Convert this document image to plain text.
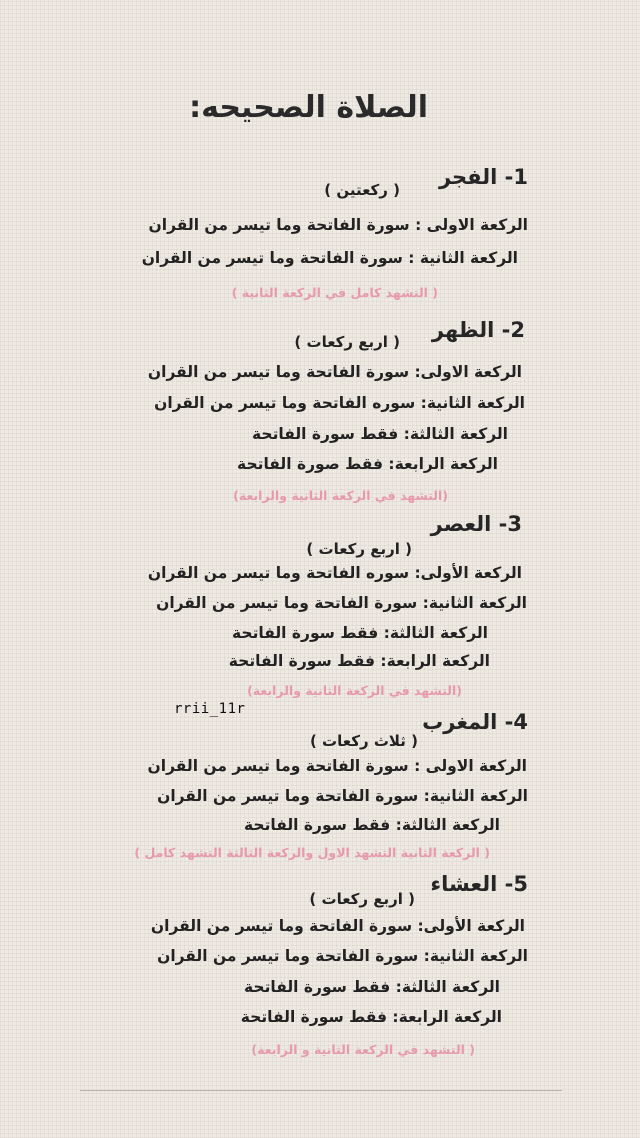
الصلاة الصحيحه:
1- الفجر
( ركعتين )
الركعة الاولى : سورة الفاتحة وما تيسر من القران
الركعة الثانية : سورة الفاتحة وما تيسر من القران
( التشهد كامل في الركعة الثانية )
2- الظهر
( اربع ركعات )
الركعة الاولى: سورة الفاتحة وما تيسر من القران
الركعة الثانية: سوره الفاتحة وما تيسر من القران
الركعة الثالثة: فقط سورة الفاتحة
الركعة الرابعة: فقط صورة الفاتحة
(التشهد في الركعة الثانية والرابعة)
3- العصر
( اربع ركعات )
الركعة الأولى: سوره الفاتحة وما تيسر من القران
الركعة الثانية: سورة الفاتحة وما تيسر من القران
الركعة الثالثة: فقط سورة الفاتحة
الركعة الرابعة: فقط سورة الفاتحة
(التشهد في الركعة الثانية والرابعة)
rrii_11r
4- المغرب
( ثلاث ركعات )
الركعة الاولى : سورة الفاتحة وما تيسر من القران
الركعة الثانية: سورة الفاتحة وما تيسر من القران
الركعة الثالثة: فقط سورة الفاتحة
( الركعة الثانية التشهد الاول والركعة الثالثة التشهد كامل )
5- العشاء
( اربع ركعات )
الركعة الأولى: سورة الفاتحة وما تيسر من القران
الركعة الثانية: سورة الفاتحة وما تيسر من القران
الركعة الثالثة: فقط سورة الفاتحة
الركعة الرابعة: فقط سورة الفاتحة
( التشهد في الركعة الثانية و الرابعة)
